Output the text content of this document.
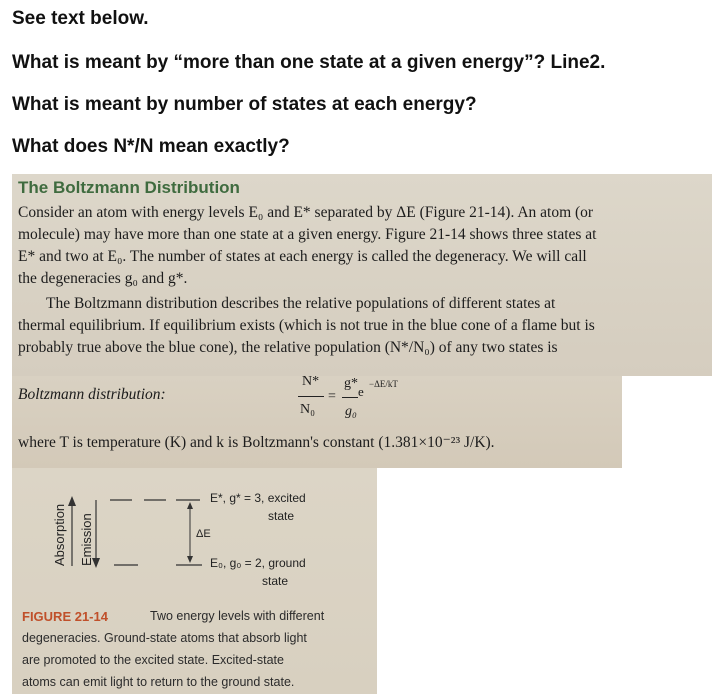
See text below.
What is meant by “more than one state at a given energy”? Line2.
What is meant by number of states at each energy?
What does N*/N mean exactly?
The Boltzmann Distribution
Consider an atom with energy levels E₀ and E* separated by ΔE (Figure 21-14). An atom (or
molecule) may have more than one state at a given energy. Figure 21-14 shows three states at
E* and two at E₀. The number of states at each energy is called the degeneracy. We will call
the degeneracies g₀ and g*.
The Boltzmann distribution describes the relative populations of different states at
thermal equilibrium. If equilibrium exists (which is not true in the blue cone of a flame but is
probably true above the blue cone), the relative population (N*/N₀) of any two states is
Boltzmann distribution:
N*
N₀
=
g*
g₀
e −ΔE/kT
where T is temperature (K) and k is Boltzmann's constant (1.381×10⁻²³ J/K).
E*, g* = 3, excited
state
E₀, g₀ = 2, ground
state
ΔE
Absorption Emission
FIGURE 21-14	Two energy levels with different
degeneracies. Ground-state atoms that absorb light
are promoted to the excited state. Excited-state
atoms can emit light to return to the ground state.
